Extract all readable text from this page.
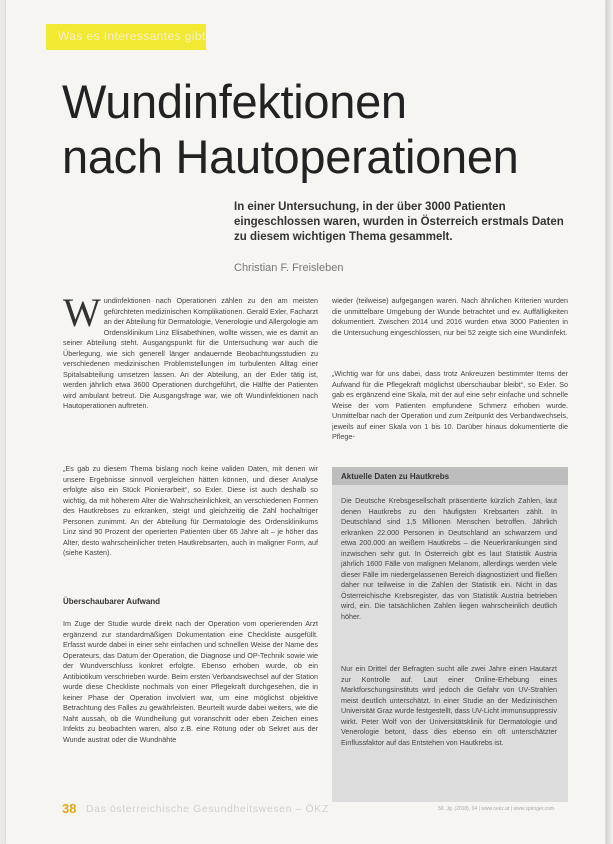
Was es Interessantes gibt
Wundinfektionen
nach Hautoperationen

In einer Untersuchung, in der über 3000 Patienten eingeschlossen waren, wurden in Österreich erstmals Daten zu diesem wichtigen Thema gesammelt.

Christian F. Freisleben

Wundinfektionen nach Operationen zählen zu den am meisten gefürchteten medizinischen Komplikationen. Gerald Exler, Facharzt an der Abteilung für Dermatologie, Venerologie und Allergologie am Ordensklinikum Linz Elisabethinen, wollte wissen, wie es damit an seiner Abteilung steht. Ausgangspunkt für die Untersuchung war auch die Überlegung, wie sich generell länger andauernde Beobachtungsstudien zu verschiedenen medizinischen Problemstellungen im turbulenten Alltag einer Spitalsabteilung umsetzen lassen. An der Abteilung, an der Exler tätig ist, werden jährlich etwa 3600 Operationen durchgeführt, die Hälfte der Patienten wird ambulant betreut. Die Ausgangsfrage war, wie oft Wundinfektionen nach Hautoperationen auftreten.

„Es gab zu diesem Thema bislang noch keine validen Daten, mit denen wir unsere Ergebnisse sinnvoll vergleichen hätten können, und dieser Analyse erfolgte also ein Stück Pionierarbeit“, so Exler. Diese ist auch deshalb so wichtig, da mit höherem Alter die Wahrscheinlichkeit, an verschiedenen Formen des Hautkrebses zu erkranken, steigt und gleichzeitig die Zahl hochaltriger Personen zunimmt. An der Abteilung für Dermatologie des Ordensklinikums Linz sind 90 Prozent der operierten Patienten über 65 Jahre alt – je höher das Alter, desto wahrscheinlicher treten Hautkrebsarten, auch in maligner Form, auf (siehe Kasten).

Überschaubarer Aufwand

Im Zuge der Studie wurde direkt nach der Operation vom operierenden Arzt ergänzend zur standardmäßigen Dokumentation eine Checkliste ausgefüllt. Erfasst wurde dabei in einer sehr einfachen und schnellen Weise der Name des Operateurs, das Datum der Operation, die Diagnose und OP-Technik sowie wie der Wundverschluss konkret erfolgte. Ebenso erhoben wurde, ob ein Antibiotikum verschrieben wurde. Beim ersten Verbandswechsel auf der Station wurde diese Checkliste nochmals von einer Pflegekraft durchgesehen, die in keiner Phase der Operation involviert war, um eine möglichst objektive Betrachtung des Falles zu gewährleisten. Beurteilt wurde dabei weiters, wie die Naht aussah, ob die Wundheilung gut voranschritt oder eben Zeichen eines Infekts zu beobachten waren, also z.B. eine Rötung oder ob Sekret aus der Wunde austrat oder die Wundnähte

wieder (teilweise) aufgegangen waren. Nach ähnlichen Kriterien wurden die unmittelbare Umgebung der Wunde betrachtet und ev. Auffälligkeiten dokumentiert. Zwischen 2014 und 2016 wurden etwa 3000 Patienten in die Untersuchung eingeschlossen, nur bei 52 zeigte sich eine Wundinfekt.

„Wichtig war für uns dabei, dass trotz Ankreuzen bestimmter Items der Aufwand für die Pflegekraft möglichst überschaubar bleibt“, so Exler. So gab es ergänzend eine Skala, mit der auf eine sehr einfache und schnelle Weise der vom Patienten empfundene Schmerz erhoben wurde. Unmittelbar nach der Operation und zum Zeitpunkt des Verbandwechsels, jeweils auf einer Skala von 1 bis 10. Darüber hinaus dokumentierte die Pflege-

Aktuelle Daten zu Hautkrebs

Die Deutsche Krebsgesellschaft präsentierte kürzlich Zahlen, laut denen Hautkrebs zu den häufigsten Krebsarten zählt. In Deutschland sind 1,5 Millionen Menschen betroffen. Jährlich erkranken 22.000 Personen in Deutschland an schwarzem und etwa 200.000 an weißem Hautkrebs – die Neuerkrankungen sind inzwischen sehr gut. In Österreich gibt es laut Statistik Austria jährlich 1600 Fälle von malignen Melanom, allerdings werden viele dieser Fälle im niedergelassenen Bereich diagnostiziert und fließen daher nur teilweise in die Zahlen der Statistik ein. Nicht in das Österreichische Krebsregister, das von Statistik Austria betrieben wird, ein. Die tatsächlichen Zahlen liegen wahrscheinlich deutlich höher.

Nur ein Drittel der Befragten sucht alle zwei Jahre einen Hautarzt zur Kontrolle auf. Laut einer Online-Erhebung eines Marktforschungsinstituts wird jedoch die Gefahr von UV-Strahlen meist deutlich unterschätzt. In einer Studie an der Medizinischen Universität Graz wurde festgestellt, dass UV-Licht immunsuppressiv wirkt. Peter Wolf von der Universitätsklinik für Dermatologie und Venerologie betont, dass dies ebenso ein oft unterschätzter Einflussfaktor auf das Entstehen von Hautkrebs ist.

38 Das österreichische Gesundheitswesen – ÖKZ	59. Jg. (2018), 04 | www.oekz.at | www.springer.com
